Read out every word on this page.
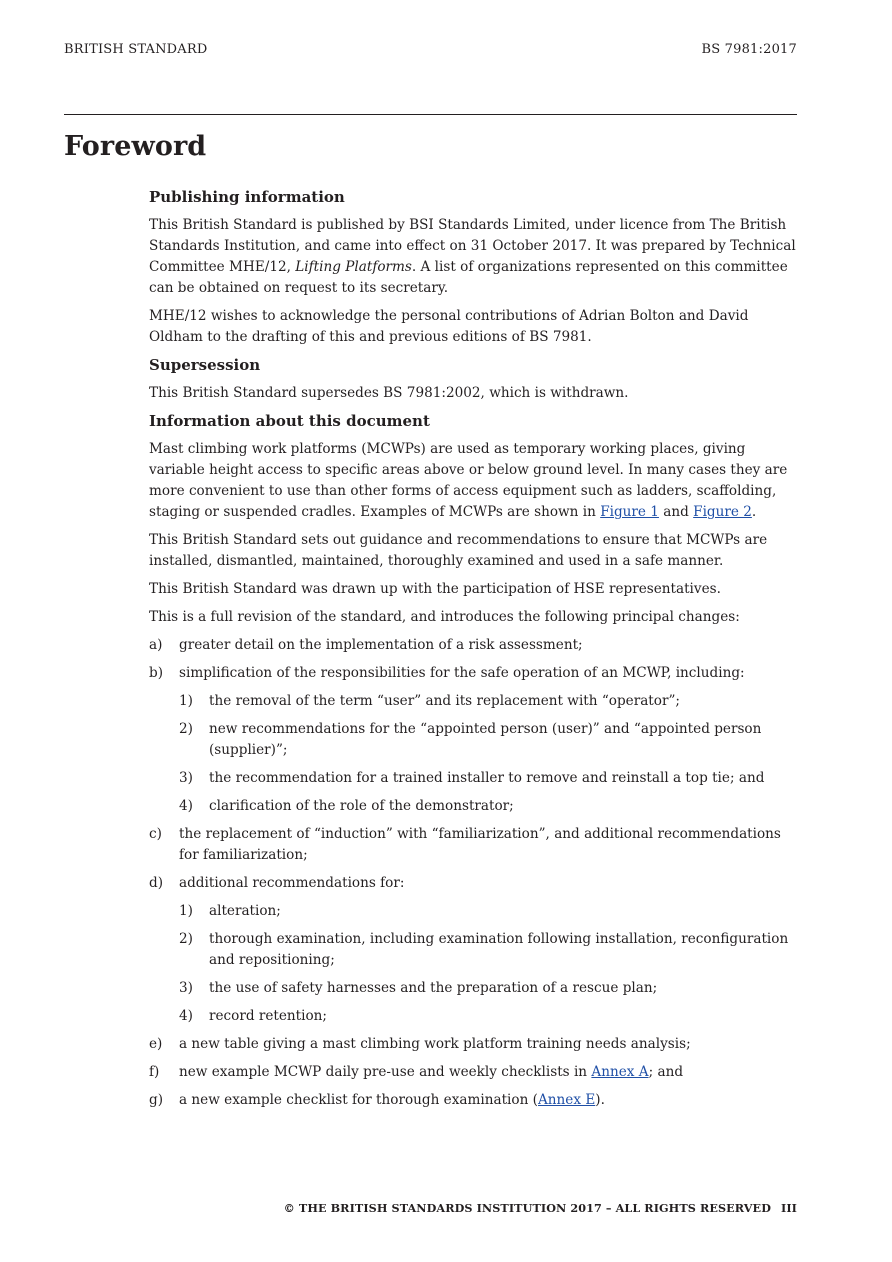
BRITISH STANDARD	BS 7981:2017
Foreword
Publishing information

This British Standard is published by BSI Standards Limited, under licence from The British Standards Institution, and came into effect on 31 October 2017. It was prepared by Technical Committee MHE/12, Lifting Platforms. A list of organizations represented on this committee can be obtained on request to its secretary.

MHE/12 wishes to acknowledge the personal contributions of Adrian Bolton and David Oldham to the drafting of this and previous editions of BS 7981.

Supersession

This British Standard supersedes BS 7981:2002, which is withdrawn.

Information about this document

Mast climbing work platforms (MCWPs) are used as temporary working places, giving variable height access to specific areas above or below ground level. In many cases they are more convenient to use than other forms of access equipment such as ladders, scaffolding, staging or suspended cradles. Examples of MCWPs are shown in Figure 1 and Figure 2.

This British Standard sets out guidance and recommendations to ensure that MCWPs are installed, dismantled, maintained, thoroughly examined and used in a safe manner.

This British Standard was drawn up with the participation of HSE representatives.

This is a full revision of the standard, and introduces the following principal changes:

a) greater detail on the implementation of a risk assessment;
b) simplification of the responsibilities for the safe operation of an MCWP, including:
1) the removal of the term “user” and its replacement with “operator”;
2) new recommendations for the “appointed person (user)” and “appointed person (supplier)”;
3) the recommendation for a trained installer to remove and reinstall a top tie; and
4) clarification of the role of the demonstrator;
c) the replacement of “induction” with “familiarization”, and additional recommendations for familiarization;
d) additional recommendations for:
1) alteration;
2) thorough examination, including examination following installation, reconfiguration and repositioning;
3) the use of safety harnesses and the preparation of a rescue plan;
4) record retention;
e) a new table giving a mast climbing work platform training needs analysis;
f) new example MCWP daily pre-use and weekly checklists in Annex A; and
g) a new example checklist for thorough examination (Annex E).
© THE BRITISH STANDARDS INSTITUTION 2017 – ALL RIGHTS RESERVED III
